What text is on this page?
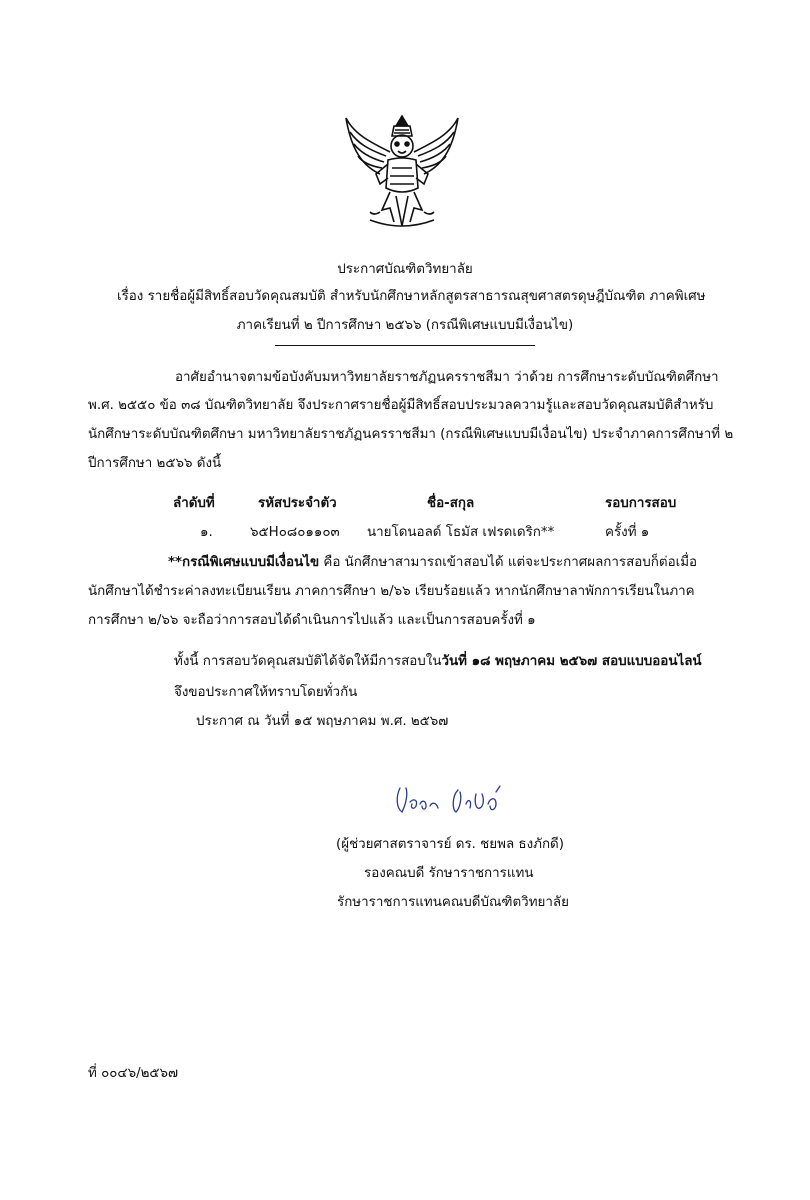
ประกาศบัณฑิตวิทยาลัย
เรื่อง รายชื่อผู้มีสิทธิ์สอบวัดคุณสมบัติ สำหรับนักศึกษาหลักสูตรสาธารณสุขศาสตรดุษฎีบัณฑิต ภาคพิเศษ
ภาคเรียนที่ ๒ ปีการศึกษา ๒๕๖๖ (กรณีพิเศษแบบมีเงื่อนไข)
อาศัยอำนาจตามข้อบังคับมหาวิทยาลัยราชภัฏนครราชสีมา ว่าด้วย การศึกษาระดับบัณฑิตศึกษา
พ.ศ. ๒๕๕๐ ข้อ ๓๘ บัณฑิตวิทยาลัย จึงประกาศรายชื่อผู้มีสิทธิ์สอบประมวลความรู้และสอบวัดคุณสมบัติสำหรับ
นักศึกษาระดับบัณฑิตศึกษา มหาวิทยาลัยราชภัฏนครราชสีมา (กรณีพิเศษแบบมีเงื่อนไข) ประจำภาคการศึกษาที่ ๒
ปีการศึกษา ๒๕๖๖ ดังนี้
ลำดับที่	รหัสประจำตัว	ชื่อ-สกุล	รอบการสอบ
๑.	๖๕H๐๘๐๑๑๐๓ นายโดนอลด์ โธมัส เฟรดเดริก**	ครั้งที่ ๑
**กรณีพิเศษแบบมีเงื่อนไข คือ นักศึกษาสามารถเข้าสอบได้ แต่จะประกาศผลการสอบก็ต่อเมื่อ
นักศึกษาได้ชำระค่าลงทะเบียนเรียน ภาคการศึกษา ๒/๖๖ เรียบร้อยแล้ว หากนักศึกษาลาพักการเรียนในภาค
การศึกษา ๒/๖๖ จะถือว่าการสอบได้ดำเนินการไปแล้ว และเป็นการสอบครั้งที่ ๑
ทั้งนี้ การสอบวัดคุณสมบัติได้จัดให้มีการสอบในวันที่ ๑๘ พฤษภาคม ๒๕๖๗ สอบแบบออนไลน์
จึงขอประกาศให้ทราบโดยทั่วกัน
ประกาศ ณ วันที่ ๑๕ พฤษภาคม พ.ศ. ๒๕๖๗
(ผู้ช่วยศาสตราจารย์ ดร. ชยพล ธงภักดี)
รองคณบดี รักษาราชการแทน
รักษาราชการแทนคณบดีบัณฑิตวิทยาลัย
ที่ ๐๐๔๖/๒๕๖๗
